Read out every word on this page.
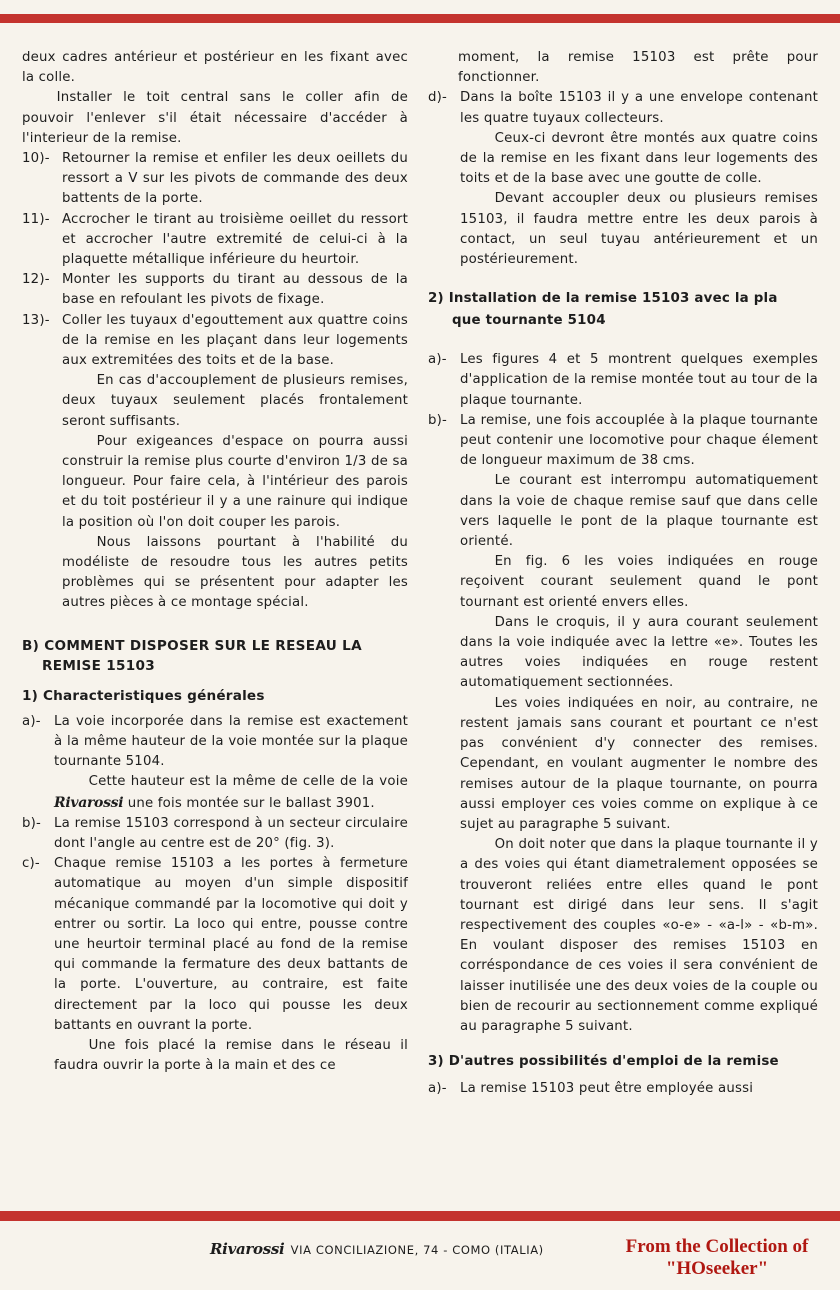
deux cadres antérieur et postérieur en les fixant avec la colle.

Installer le toit central sans le coller afin de pouvoir l'enlever s'il était nécessaire d'accéder à l'interieur de la remise.

10)- Retourner la remise et enfiler les deux oeillets du ressort a V sur les pivots de commande des deux battents de la porte.
11)- Accrocher le tirant au troisième oeillet du ressort et accrocher l'autre extremité de celui-ci à la plaquette métallique inférieure du heurtoir.
12)- Monter les supports du tirant au dessous de la base en refoulant les pivots de fixage.
13)- Coller les tuyaux d'egouttement aux quattre coins de la remise en les plaçant dans leur logements aux extremitées des toits et de la base.

En cas d'accouplement de plusieurs remises, deux tuyaux seulement placés frontalement seront suffisants.

Pour exigeances d'espace on pourra aussi construir la remise plus courte d'environ 1/3 de sa longueur. Pour faire cela, à l'intérieur des parois et du toit postérieur il y a une rainure qui indique la position où l'on doit couper les parois.

Nous laissons pourtant à l'habilité du modéliste de resoudre tous les autres petits problèmes qui se présentent pour adapter les autres pièces à ce montage spécial.

B) COMMENT DISPOSER SUR LE RESEAU LA
REMISE 15103
1) Characteristiques générales
a)- La voie incorporée dans la remise est exactement à la même hauteur de la voie montée sur la plaque tournante 5104.

Cette hauteur est la même de celle de la voie Rivarossi une fois montée sur le ballast 3901.

b)- La remise 15103 correspond à un secteur circulaire dont l'angle au centre est de 20° (fig. 3).
c)-	Chaque remise 15103 a les portes à fermeture automatique au moyen d'un simple dispositif mécanique commandé par la locomotive qui doit y entrer ou sortir. La loco qui entre, pousse contre une heurtoir terminal placé au fond de la remise qui commande la fermature des deux battants de la porte. L'ouverture, au contraire, est faite directement par la loco qui pousse les deux battants en ouvrant la porte.

Une fois placé la remise dans le réseau il faudra ouvrir la porte à la main et des ce

moment, la remise 15103 est prête pour fonctionner.

d)- Dans la boîte 15103 il y a une envelope contenant les quatre tuyaux collecteurs.

Ceux-ci devront être montés aux quatre coins de la remise en les fixant dans leur logements des toits et de la base avec une goutte de colle.

Devant accoupler deux ou plusieurs remises 15103, il faudra mettre entre les deux parois à contact, un seul tuyau antérieurement et un postérieurement.

2) Installation de la remise 15103 avec la pla
que tournante 5104
a)- Les figures 4 et 5 montrent quelques exemples d'application de la remise montée tout au tour de la plaque tournante.
b)- La remise, une fois accouplée à la plaque tournante peut contenir une locomotive pour chaque élement de longueur maximum de 38 cms.

Le courant est interrompu automatiquement dans la voie de chaque remise sauf que dans celle vers laquelle le pont de la plaque tournante est orienté.

En fig. 6 les voies indiquées en rouge reçoivent courant seulement quand le pont tournant est orienté envers elles.

Dans le croquis, il y aura courant seulement dans la voie indiquée avec la lettre «e». Toutes les autres voies indiquées en rouge restent automatiquement sectionnées.

Les voies indiquées en noir, au contraire, ne restent jamais sans courant et pourtant ce n'est pas convénient d'y connecter des remises. Cependant, en voulant augmenter le nombre des remises autour de la plaque tournante, on pourra aussi employer ces voies comme on explique à ce sujet au paragraphe 5 suivant.

On doit noter que dans la plaque tournante il y a des voies qui étant diametralement opposées se trouveront reliées entre elles quand le pont tournant est dirigé dans leur sens. Il s'agit respectivement des couples «o-e» - «a-l» - «b-m». En voulant disposer des remises 15103 en corréspondance de ces voies il sera convénient de laisser inutilisée une des deux voies de la couple ou bien de recourir au sectionnement comme expliqué au paragraphe 5 suivant.

3) D'autres possibilités d'emploi de la remise
a)- La remise 15103 peut être employée aussi
Rivarossi VIA CONCILIAZIONE, 74 - COMO (ITALIA)	From the Collection of
"HOseeker"
